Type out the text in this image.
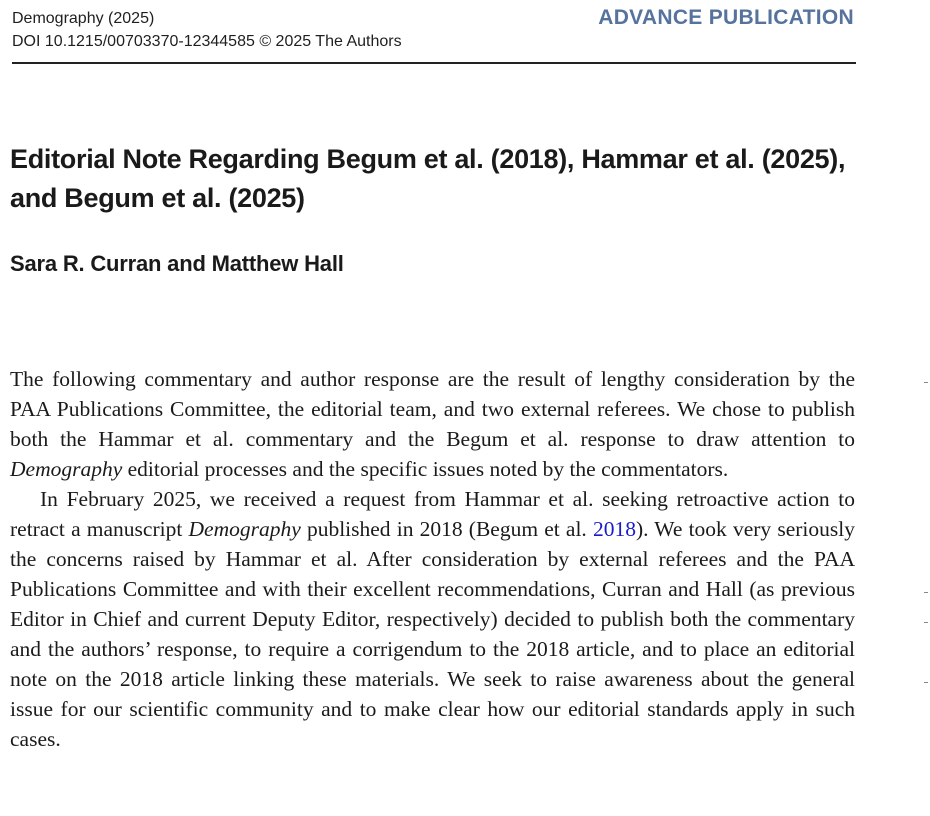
Demography (2025)
DOI 10.1215/00703370-12344585 © 2025 The Authors
ADVANCE PUBLICATION
Editorial Note Regarding Begum et al. (2018), Hammar et al. (2025), and Begum et al. (2025)
Sara R. Curran and Matthew Hall

The following commentary and author response are the result of lengthy consideration by the PAA Publications Committee, the editorial team, and two external referees. We chose to publish both the Hammar et al. commentary and the Begum et al. response to draw attention to Demography editorial processes and the specific issues noted by the commentators.

In February 2025, we received a request from Hammar et al. seeking retroactive action to retract a manuscript Demography published in 2018 (Begum et al. 2018). We took very seriously the concerns raised by Hammar et al. After consideration by external referees and the PAA Publications Committee and with their excellent recommendations, Curran and Hall (as previous Editor in Chief and current Deputy Editor, respectively) decided to publish both the commentary and the authors’ response, to require a corrigendum to the 2018 article, and to place an editorial note on the 2018 article linking these materials. We seek to raise awareness about the general issue for our scientific community and to make clear how our editorial standards apply in such cases.
